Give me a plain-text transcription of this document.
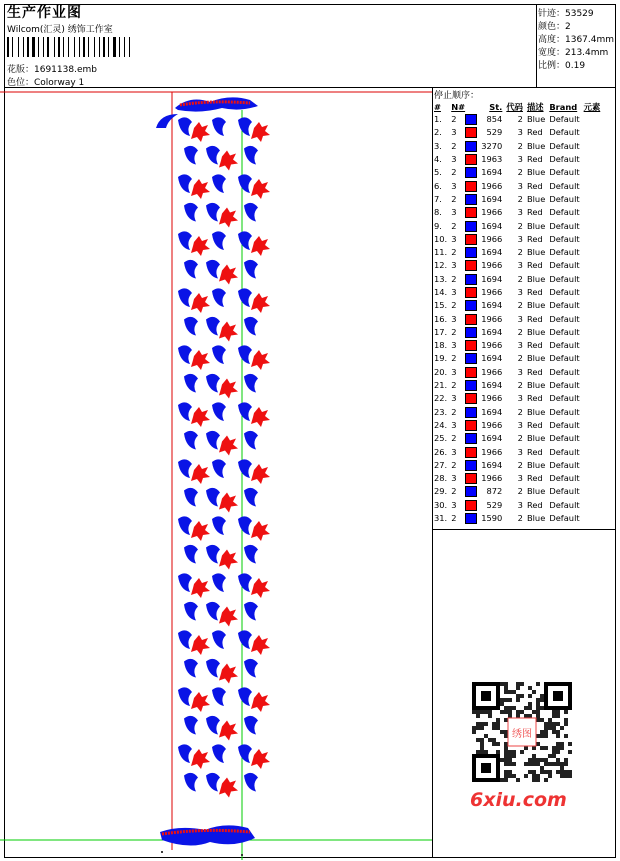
生产作业图
Wilcom(汇灵) 绣饰工作室
花版：1691138.emb
色位：Colorway 1
针迹：53529
颜色：2
高度：1367.4mm
宽度：213.4mm
比例：0.19
停止顺序：
#	N#	St.	代码	描述	Brand	元素
1.	2	854	2	Blue	Default	
2.	3	529	3	Red	Default	
3.	2	3270	2	Blue	Default	
4.	3	1963	3	Red	Default	
5.	2	1694	2	Blue	Default	
6.	3	1966	3	Red	Default	
7.	2	1694	2	Blue	Default	
8.	3	1966	3	Red	Default	
9.	2	1694	2	Blue	Default	
10.	3	1966	3	Red	Default	
11.	2	1694	2	Blue	Default	
12.	3	1966	3	Red	Default	
13.	2	1694	2	Blue	Default	
14.	3	1966	3	Red	Default	
15.	2	1694	2	Blue	Default	
16.	3	1966	3	Red	Default	
17.	2	1694	2	Blue	Default	
18.	3	1966	3	Red	Default	
19.	2	1694	2	Blue	Default	
20.	3	1966	3	Red	Default	
21.	2	1694	2	Blue	Default	
22.	3	1966	3	Red	Default	
23.	2	1694	2	Blue	Default	
24.	3	1966	3	Red	Default	
25.	2	1694	2	Blue	Default	
26.	3	1966	3	Red	Default	
27.	2	1694	2	Blue	Default	
28.	3	1966	3	Red	Default	
29.	2	872	2	Blue	Default	
30.	3	529	3	Red	Default	
31.	2	1590	2	Blue	Default	
绣图
6xiu.com
